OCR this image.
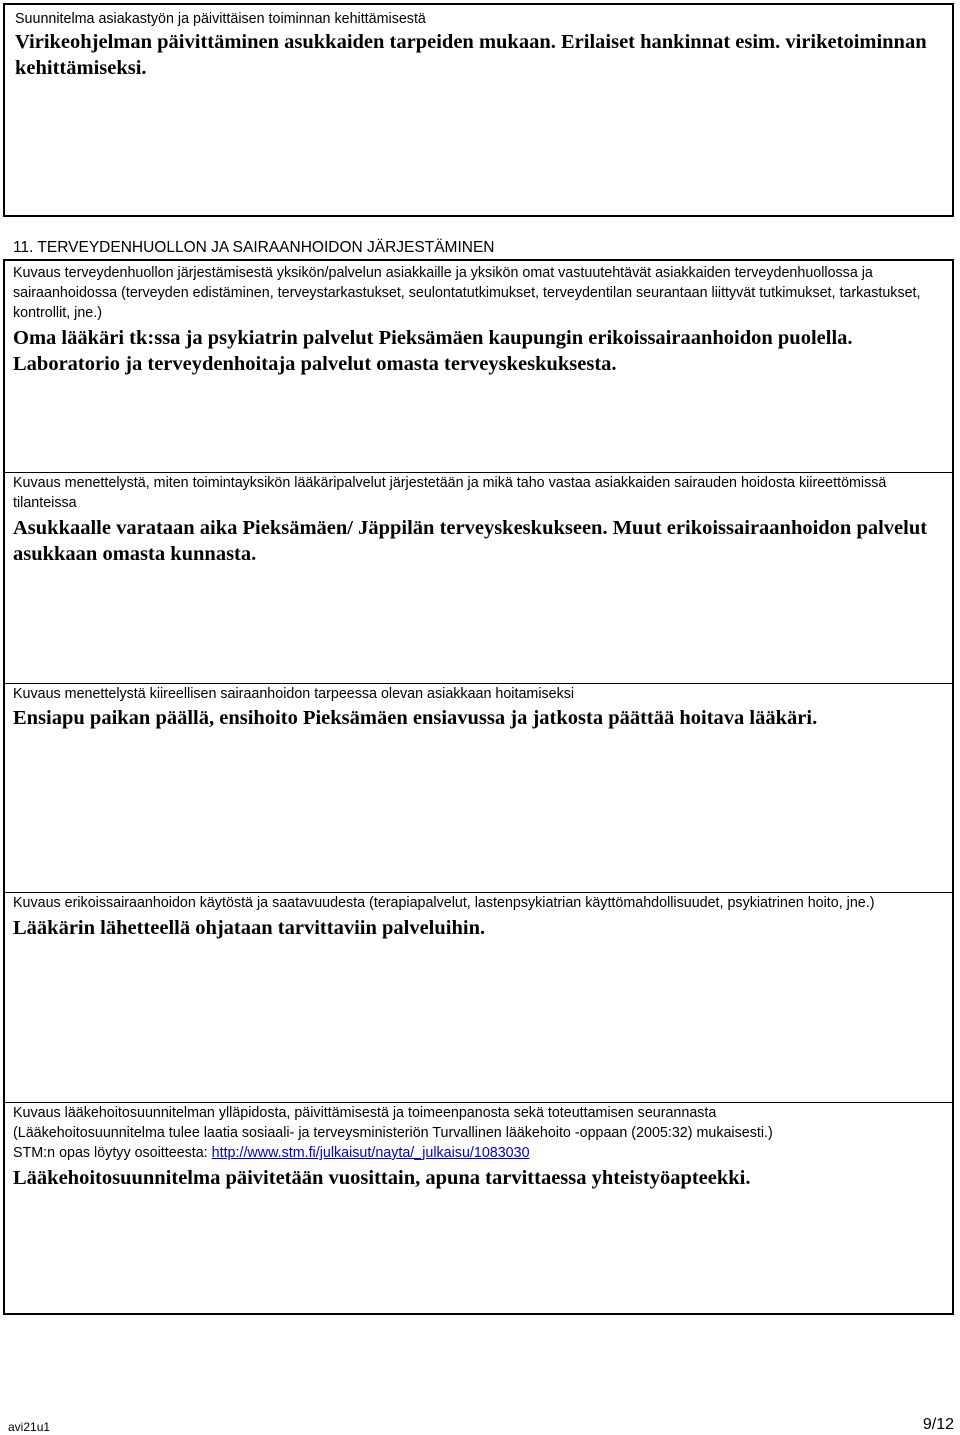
Suunnitelma asiakastyön ja päivittäisen toiminnan kehittämisestä
Virikeohjelman päivittäminen asukkaiden tarpeiden mukaan. Erilaiset hankinnat esim. viriketoiminnan kehittämiseksi.
11. TERVEYDENHUOLLON JA SAIRAANHOIDON JÄRJESTÄMINEN
Kuvaus terveydenhuollon järjestämisestä yksikön/palvelun asiakkaille ja yksikön omat vastuutehtävät asiakkaiden terveydenhuollossa ja sairaanhoidossa (terveyden edistäminen, terveystarkastukset, seulontatutkimukset, terveydentilan seurantaan liittyvät tutkimukset, tarkastukset, kontrollit, jne.)
Oma lääkäri tk:ssa ja psykiatrin palvelut Pieksämäen kaupungin erikoissairaanhoidon puolella. Laboratorio ja terveydenhoitaja palvelut omasta terveyskeskuksesta.
Kuvaus menettelystä, miten toimintayksikön lääkäripalvelut järjestetään ja mikä taho vastaa asiakkaiden sairauden hoidosta kiireettömissä tilanteissa
Asukkaalle varataan aika Pieksämäen/ Jäppilän terveyskeskukseen. Muut erikoissairaanhoidon palvelut asukkaan omasta kunnasta.
Kuvaus menettelystä kiireellisen sairaanhoidon tarpeessa olevan asiakkaan hoitamiseksi
Ensiapu paikan päällä, ensihoito Pieksämäen ensiavussa ja jatkosta päättää hoitava lääkäri.
Kuvaus erikoissairaanhoidon käytöstä ja saatavuudesta (terapiapalvelut, lastenpsykiatrian käyttömahdollisuudet, psykiatrinen hoito, jne.)
Lääkärin lähetteellä ohjataan tarvittaviin palveluihin.
Kuvaus lääkehoitosuunnitelman ylläpidosta, päivittämisestä ja toimeenpanosta sekä toteuttamisen seurannasta
(Lääkehoitosuunnitelma tulee laatia sosiaali- ja terveysministeriön Turvallinen lääkehoito -oppaan (2005:32) mukaisesti.)
STM:n opas löytyy osoitteesta: http://www.stm.fi/julkaisut/nayta/_julkaisu/1083030
Lääkehoitosuunnitelma päivitetään vuosittain, apuna tarvittaessa yhteistyöapteekki.
avi21u1	9/12
